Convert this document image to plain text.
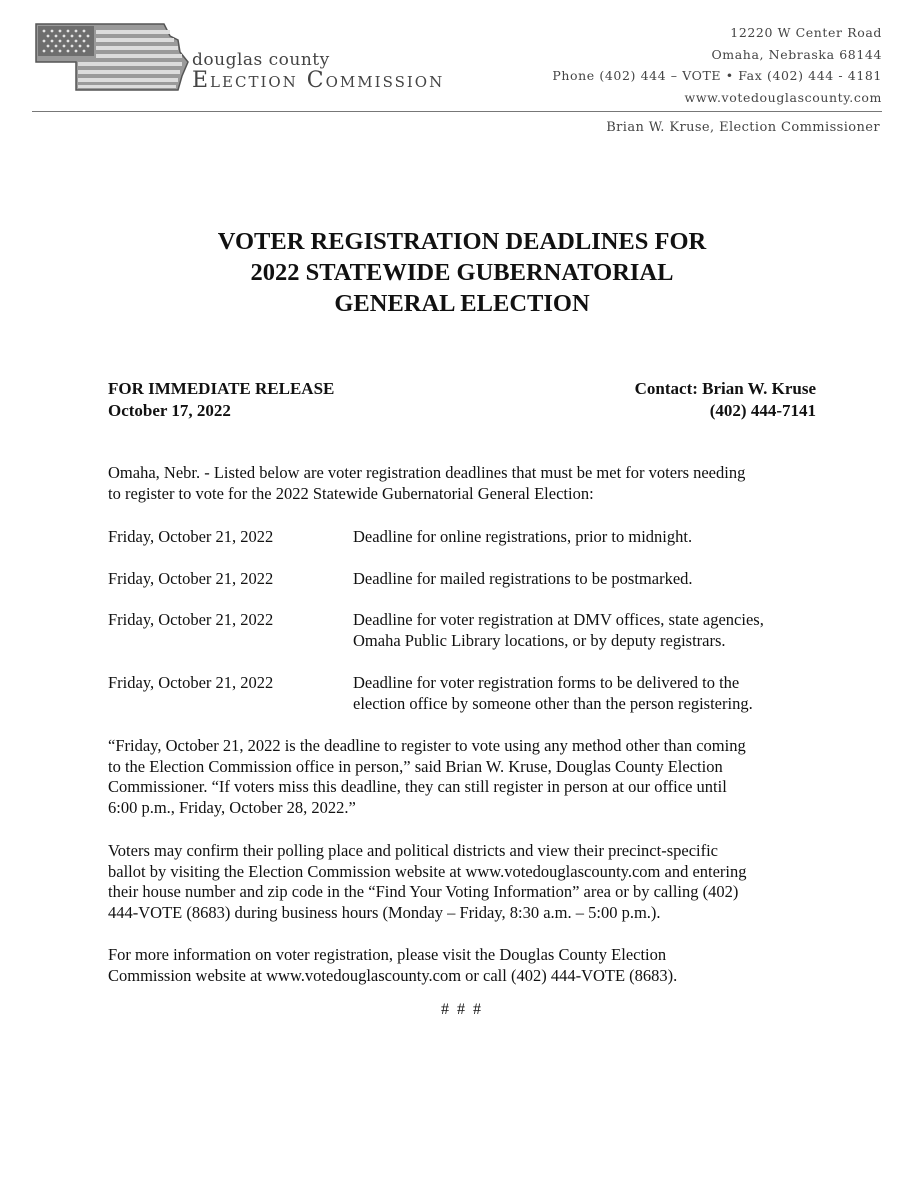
douglas county
Election Commission
12220 W Center Road
Omaha, Nebraska 68144
Phone (402) 444 – VOTE • Fax (402) 444 - 4181
www.votedouglascounty.com
Brian W. Kruse, Election Commissioner
VOTER REGISTRATION DEADLINES FOR
2022 STATEWIDE GUBERNATORIAL
GENERAL ELECTION
FOR IMMEDIATE RELEASE
October 17, 2022
Contact: Brian W. Kruse
(402) 444-7141
Omaha, Nebr. - Listed below are voter registration deadlines that must be met for voters needing
to register to vote for the 2022 Statewide Gubernatorial General Election:
Friday, October 21, 2022	Deadline for online registrations, prior to midnight.
Friday, October 21, 2022	Deadline for mailed registrations to be postmarked.
Friday, October 21, 2022	Deadline for voter registration at DMV offices, state agencies,
Omaha Public Library locations, or by deputy registrars.
Friday, October 21, 2022	Deadline for voter registration forms to be delivered to the
election office by someone other than the person registering.
“Friday, October 21, 2022 is the deadline to register to vote using any method other than coming
to the Election Commission office in person,” said Brian W. Kruse, Douglas County Election
Commissioner. “If voters miss this deadline, they can still register in person at our office until
6:00 p.m., Friday, October 28, 2022.”
Voters may confirm their polling place and political districts and view their precinct-specific
ballot by visiting the Election Commission website at www.votedouglascounty.com and entering
their house number and zip code in the “Find Your Voting Information” area or by calling (402)
444-VOTE (8683) during business hours (Monday – Friday, 8:30 a.m. – 5:00 p.m.).
For more information on voter registration, please visit the Douglas County Election
Commission website at www.votedouglascounty.com or call (402) 444-VOTE (8683).
# # #
